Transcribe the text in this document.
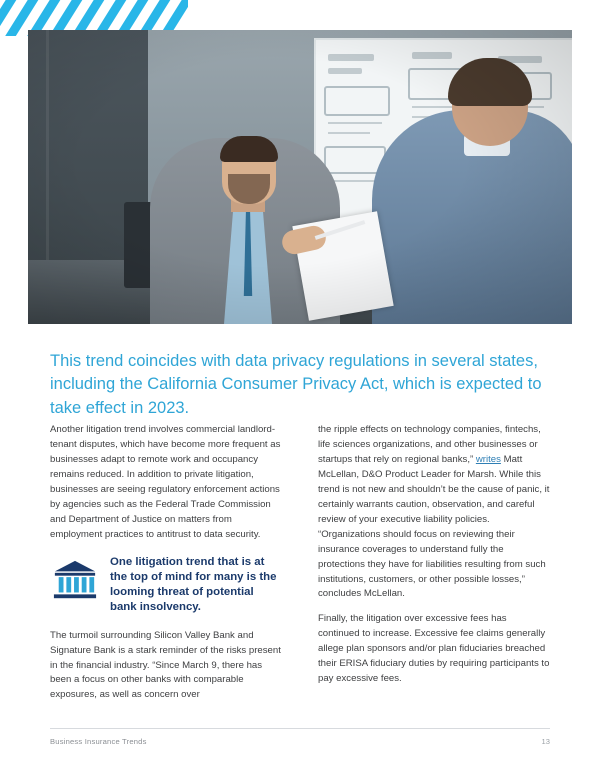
This trend coincides with data privacy regulations in several states, including the California Consumer Privacy Act, which is expected to take effect in 2023.

Another litigation trend involves commercial landlord-tenant disputes, which have become more frequent as businesses adapt to remote work and occupancy remains reduced. In addition to private litigation, businesses are seeing regulatory enforcement actions by agencies such as the Federal Trade Commission and Department of Justice on matters from employment practices to antitrust to data security.

One litigation trend that is at the top of mind for many is the looming threat of potential bank insolvency.

The turmoil surrounding Silicon Valley Bank and Signature Bank is a stark reminder of the risks present in the financial industry. “Since March 9, there has been a focus on other banks with comparable exposures, as well as concern over

the ripple effects on technology companies, fintechs, life sciences organizations, and other businesses or startups that rely on regional banks,” writes Matt McLellan, D&O Product Leader for Marsh. While this trend is not new and shouldn’t be the cause of panic, it certainly warrants caution, observation, and careful review of your executive liability policies. “Organizations should focus on reviewing their insurance coverages to understand fully the protections they have for liabilities resulting from such institutions, customers, or other possible losses,” concludes McLellan.

Finally, the litigation over excessive fees has continued to increase. Excessive fee claims generally allege plan sponsors and/or plan fiduciaries breached their ERISA fiduciary duties by requiring participants to pay excessive fees.

Business Insurance Trends	13
